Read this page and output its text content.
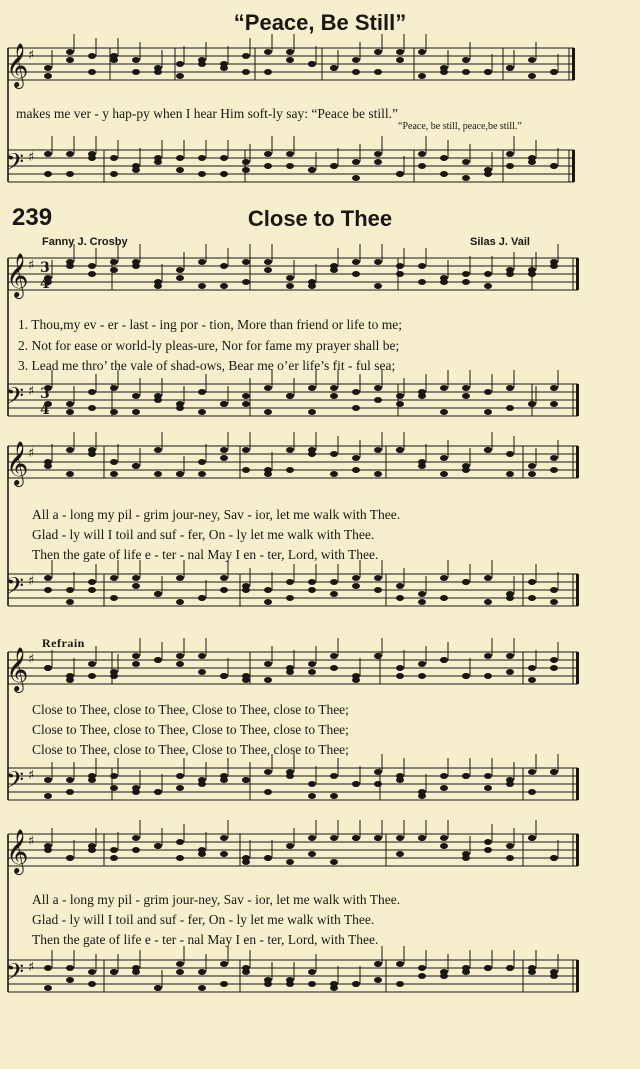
𝄞 ♯
𝄢 ♯
𝄞 ♯
𝄢 ♯
𝄞 ♯
𝄢 ♯
𝄞 ♯
𝄢 ♯
𝄞 ♯
𝄢 ♯
3
4
3
4
“Peace, Be Still”
makes me ver - y hap-py when I hear Him soft-ly say: “Peace be still.”
“Peace, be still, peace,be still.”
239	Close to Thee
Fanny J. Crosby	Silas J. Vail
1. Thou,my ev - er - last - ing por - tion, More than friend or life to me;
2. Not for ease or world-ly pleas-ure, Nor for fame my prayer shall be;
3. Lead me thro’ the vale of shad-ows, Bear me o’er life’s fit - ful sea;
All a - long my pil - grim jour-ney, Sav - ior, let me walk with Thee.
Glad - ly will I toil and suf - fer, On - ly let me walk with Thee.
Then the gate of life e - ter - nal May I en - ter, Lord, with Thee.
Refrain
Close to Thee, close to Thee, Close to Thee, close to Thee;
Close to Thee, close to Thee, Close to Thee, close to Thee;
Close to Thee, close to Thee, Close to Thee, close to Thee;
All a - long my pil - grim jour-ney, Sav - ior, let me walk with Thee.
Glad - ly will I toil and suf - fer, On - ly let me walk with Thee.
Then the gate of life e - ter - nal May I en - ter, Lord, with Thee.
